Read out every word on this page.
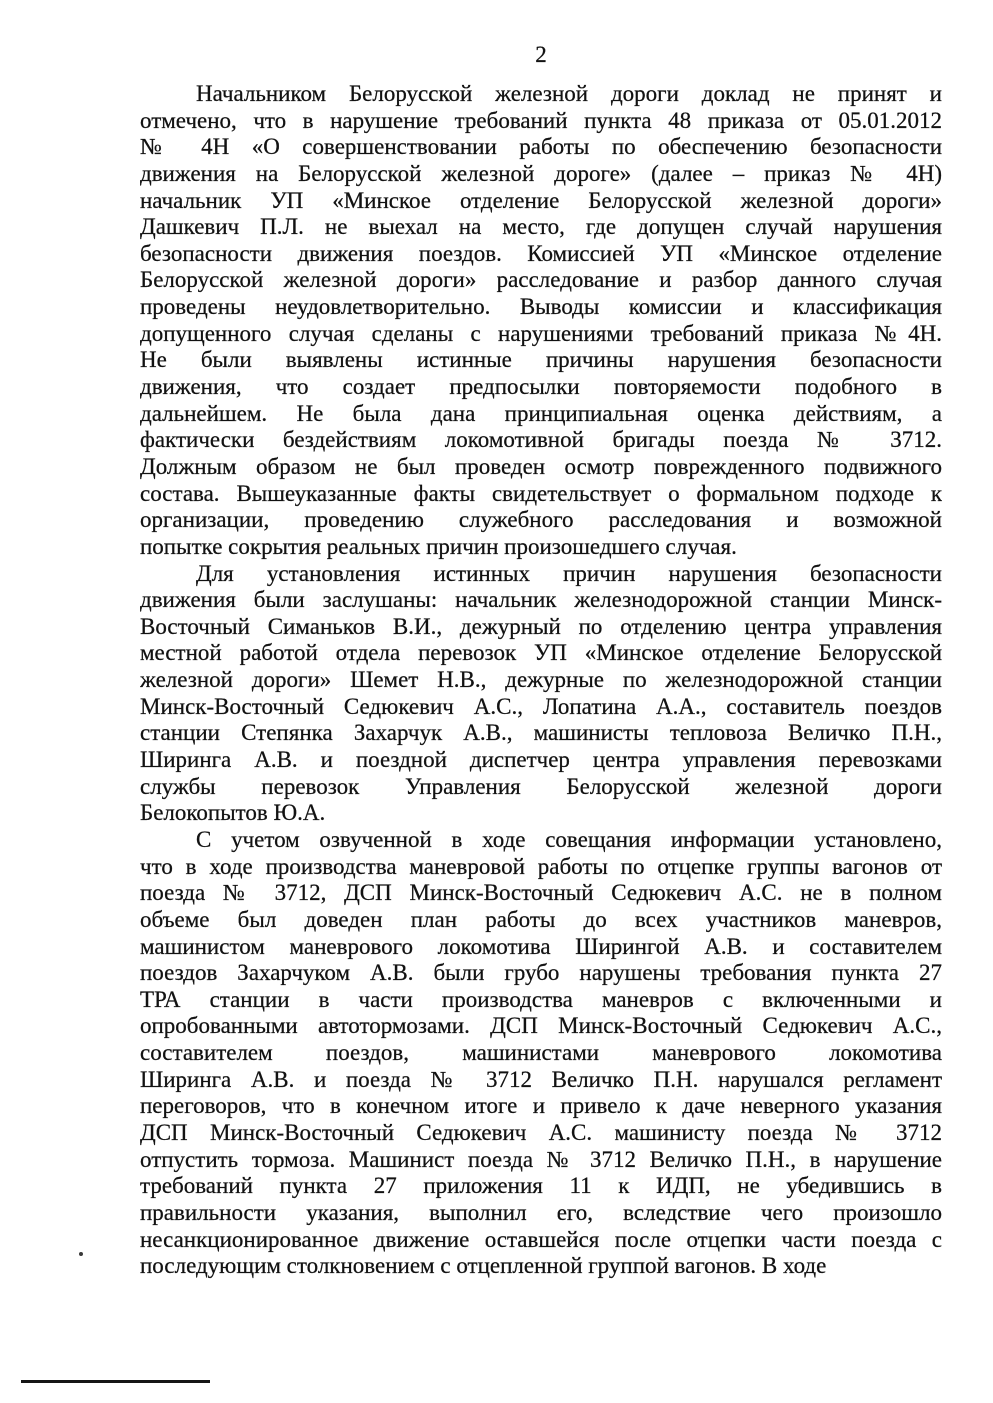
2

Начальником Белорусской железной дороги доклад не принят и
отмечено, что в нарушение требований пункта 48 приказа от 05.01.2012
№ 4Н «О совершенствовании работы по обеспечению безопасности
движения на Белорусской железной дороге» (далее – приказ № 4Н)
начальник УП «Минское отделение Белорусской железной дороги»
Дашкевич П.Л. не выехал на место, где допущен случай нарушения
безопасности движения поездов. Комиссией УП «Минское отделение
Белорусской железной дороги» расследование и разбор данного случая
проведены неудовлетворительно. Выводы комиссии и классификация
допущенного случая сделаны с нарушениями требований приказа №4Н.
Не были выявлены истинные причины нарушения безопасности
движения, что создает предпосылки повторяемости подобного в
дальнейшем. Не была дана принципиальная оценка действиям, а
фактически бездействиям локомотивной бригады поезда № 3712.
Должным образом не был проведен осмотр поврежденного подвижного
состава. Вышеуказанные факты свидетельствует о формальном подходе к
организации, проведению служебного расследования и возможной
попытке сокрытия реальных причин произошедшего случая.

Для установления истинных причин нарушения безопасности
движения были заслушаны: начальник железнодорожной станции Минск-
Восточный Симаньков В.И., дежурный по отделению центра управления
местной работой отдела перевозок УП «Минское отделение Белорусской
железной дороги» Шемет Н.В., дежурные по железнодорожной станции
Минск-Восточный Седюкевич А.С., Лопатина А.А., составитель поездов
станции Степянка Захарчук А.В., машинисты тепловоза Величко П.Н.,
Ширинга А.В. и поездной диспетчер центра управления перевозками
службы перевозок Управления Белорусской железной дороги
Белокопытов Ю.А.

С учетом озвученной в ходе совещания информации установлено,
что в ходе производства маневровой работы по отцепке группы вагонов от
поезда № 3712, ДСП Минск-Восточный Седюкевич А.С. не в полном
объеме был доведен план работы до всех участников маневров,
машинистом маневрового локомотива Ширингой А.В. и составителем
поездов Захарчуком А.В. были грубо нарушены требования пункта 27
ТРА станции в части производства маневров с включенными и
опробованными автотормозами. ДСП Минск-Восточный Седюкевич А.С.,
составителем поездов, машинистами маневрового локомотива
Ширинга А.В. и поезда № 3712 Величко П.Н. нарушался регламент
переговоров, что в конечном итоге и привело к даче неверного указания
ДСП Минск-Восточный Седюкевич А.С. машинисту поезда № 3712
отпустить тормоза. Машинист поезда № 3712 Величко П.Н., в нарушение
требований пункта 27 приложения 11 к ИДП, не убедившись в
правильности указания, выполнил его, вследствие чего произошло
несанкционированное движение оставшейся после отцепки части поезда с
последующим столкновением с отцепленной группой вагонов. В ходе
